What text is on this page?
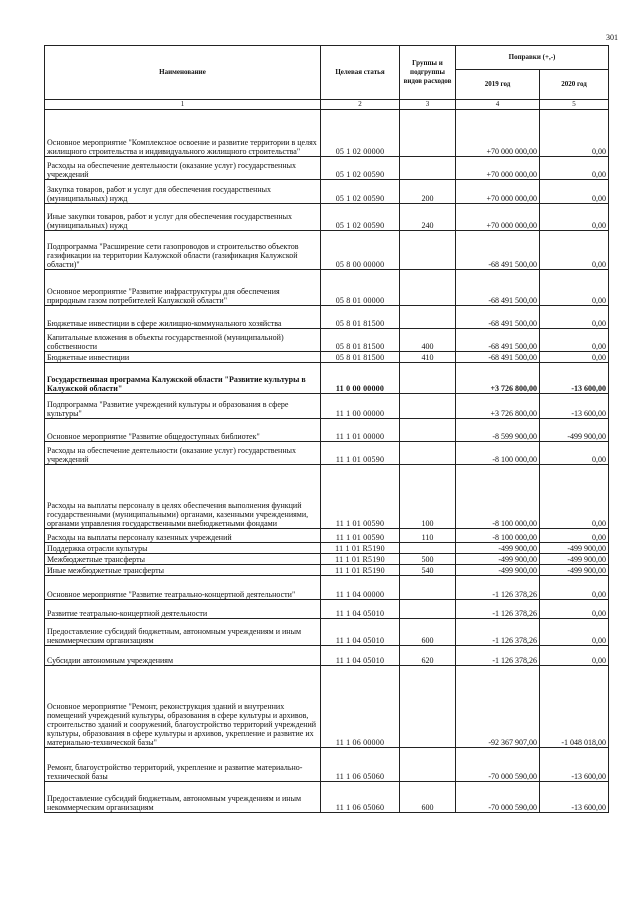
301
Наименование	Целевая статья	Группы и подгруппы видов расходов	Поправки (+,-)	
			2019 год	2020 год
1	2	3	4	5
Основное мероприятие "Комплексное освоение и развитие территории в целях жилищного строительства и индивидуального жилищного строительства"	05 1 02 00000		+70 000 000,00	0,00
Расходы на обеспечение деятельности (оказание услуг) государственных учреждений	05 1 02 00590		+70 000 000,00	0,00
Закупка товаров, работ и услуг для обеспечения государственных (муниципальных) нужд	05 1 02 00590	200	+70 000 000,00	0,00
Иные закупки товаров, работ и услуг для обеспечения государственных (муниципальных) нужд	05 1 02 00590	240	+70 000 000,00	0,00
Подпрограмма "Расширение сети газопроводов и строительство объектов газификации на территории Калужской области (газификация Калужской области)"	05 8 00 00000		-68 491 500,00	0,00
Основное мероприятие "Развитие инфраструктуры для обеспечения природным газом потребителей Калужской области"	05 8 01 00000		-68 491 500,00	0,00
Бюджетные инвестиции в сфере жилищно-коммунального хозяйства	05 8 01 81500		-68 491 500,00	0,00
Капитальные вложения в объекты государственной (муниципальной) собственности	05 8 01 81500	400	-68 491 500,00	0,00
Бюджетные инвестиции	05 8 01 81500	410	-68 491 500,00	0,00
Государственная программа Калужской области "Развитие культуры в Калужской области"	11 0 00 00000		+3 726 800,00	-13 600,00
Подпрограмма "Развитие учреждений культуры и образования в сфере культуры"	11 1 00 00000		+3 726 800,00	-13 600,00
Основное мероприятие "Развитие общедоступных библиотек"	11 1 01 00000		-8 599 900,00	-499 900,00
Расходы на обеспечение деятельности (оказание услуг) государственных учреждений	11 1 01 00590		-8 100 000,00	0,00
Расходы на выплаты персоналу в целях обеспечения выполнения функций государственными (муниципальными) органами, казенными учреждениями, органами управления государственными внебюджетными фондами	11 1 01 00590	100	-8 100 000,00	0,00
Расходы на выплаты персоналу казенных учреждений	11 1 01 00590	110	-8 100 000,00	0,00
Поддержка отрасли культуры	11 1 01 R5190		-499 900,00	-499 900,00
Межбюджетные трансферты	11 1 01 R5190	500	-499 900,00	-499 900,00
Иные межбюджетные трансферты	11 1 01 R5190	540	-499 900,00	-499 900,00
Основное мероприятие "Развитие театрально-концертной деятельности"	11 1 04 00000		-1 126 378,26	0,00
Развитие театрально-концертной деятельности	11 1 04 05010		-1 126 378,26	0,00
Предоставление субсидий бюджетным, автономным учреждениям и иным некоммерческим организациям	11 1 04 05010	600	-1 126 378,26	0,00
Субсидии автономным учреждениям	11 1 04 05010	620	-1 126 378,26	0,00
Основное мероприятие "Ремонт, реконструкция зданий и внутренних помещений учреждений культуры, образования в сфере культуры и архивов, строительство зданий и сооружений, благоустройство территорий учреждений культуры, образования в сфере культуры и архивов, укрепление и развитие их материально-технической базы"	11 1 06 00000		-92 367 907,00	-1 048 018,00
Ремонт, благоустройство территорий, укрепление и развитие материально-технической базы	11 1 06 05060		-70 000 590,00	-13 600,00
Предоставление субсидий бюджетным, автономным учреждениям и иным некоммерческим организациям	11 1 06 05060	600	-70 000 590,00	-13 600,00
